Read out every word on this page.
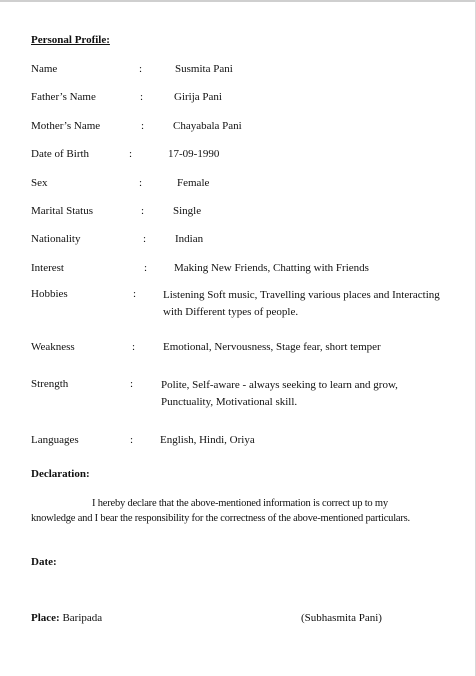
Personal Profile:
Name	:	Susmita Pani
Father’s Name	:	Girija Pani
Mother’s Name	:	Chayabala Pani
Date of Birth	:	17-09-1990
Sex	:	Female
Marital Status	:	Single
Nationality	:	Indian
Interest	: Making New Friends, Chatting with Friends
Hobbies	: Listening Soft music, Travelling various places and Interacting with Different types of people.
Weakness	:	Emotional, Nervousness, Stage fear, short temper
Strength	:	Polite, Self-aware - always seeking to learn and grow, Punctuality, Motivational skill.
Languages	: English, Hindi, Oriya
Declaration:
I hereby declare that the above-mentioned information is correct up to my knowledge and I bear the responsibility for the correctness of the above-mentioned particulars.
Date:
Place: Baripada	(Subhasmita Pani)
